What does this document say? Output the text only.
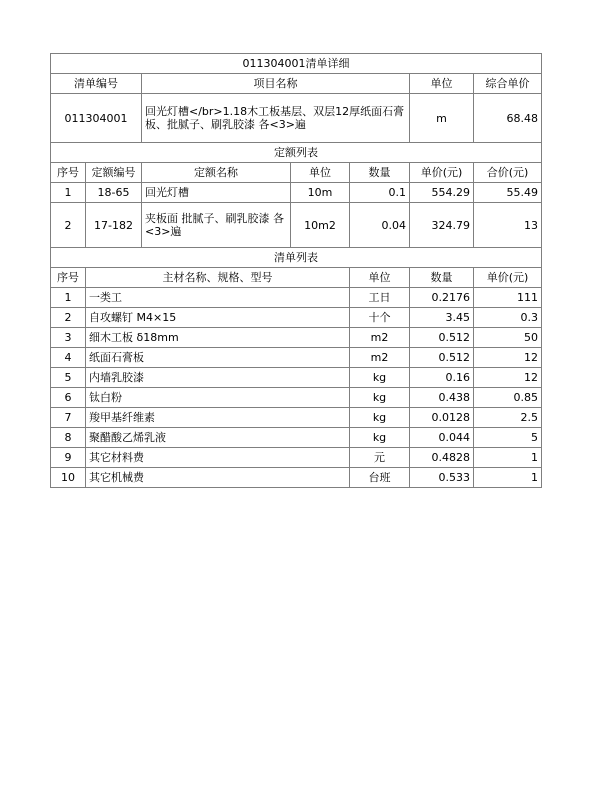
011304001清单详细							
清单编号		项目名称			单位	综合单价	
011304001		回光灯槽</br>1.18木工板基层、双层12厚纸面石膏板、批腻子、刷乳胶漆 各<3>遍			m	68.48	
定额列表							
序号	定额编号	定额名称	单位	数量	单价(元)	合价(元)	
1	18-65	回光灯槽	10m	0.1	554.29	55.49	
2	17-182	夹板面 批腻子、刷乳胶漆 各<3>遍	10m2	0.04	324.79	13	
清单列表							
序号	主材名称、规格、型号			单位	数量	单价(元)	
1	一类工			工日	0.2176	111	
2	自攻螺钉 M4×15			十个	3.45	0.3	
3	细木工板 δ18mm			m2	0.512	50	
4	纸面石膏板			m2	0.512	12	
5	内墙乳胶漆			kg	0.16	12	
6	钛白粉			kg	0.438	0.85	
7	羧甲基纤维素			kg	0.0128	2.5	
8	聚醋酸乙烯乳液			kg	0.044	5	
9	其它材料费			元	0.4828	1	
10	其它机械费			台班	0.533	1	
